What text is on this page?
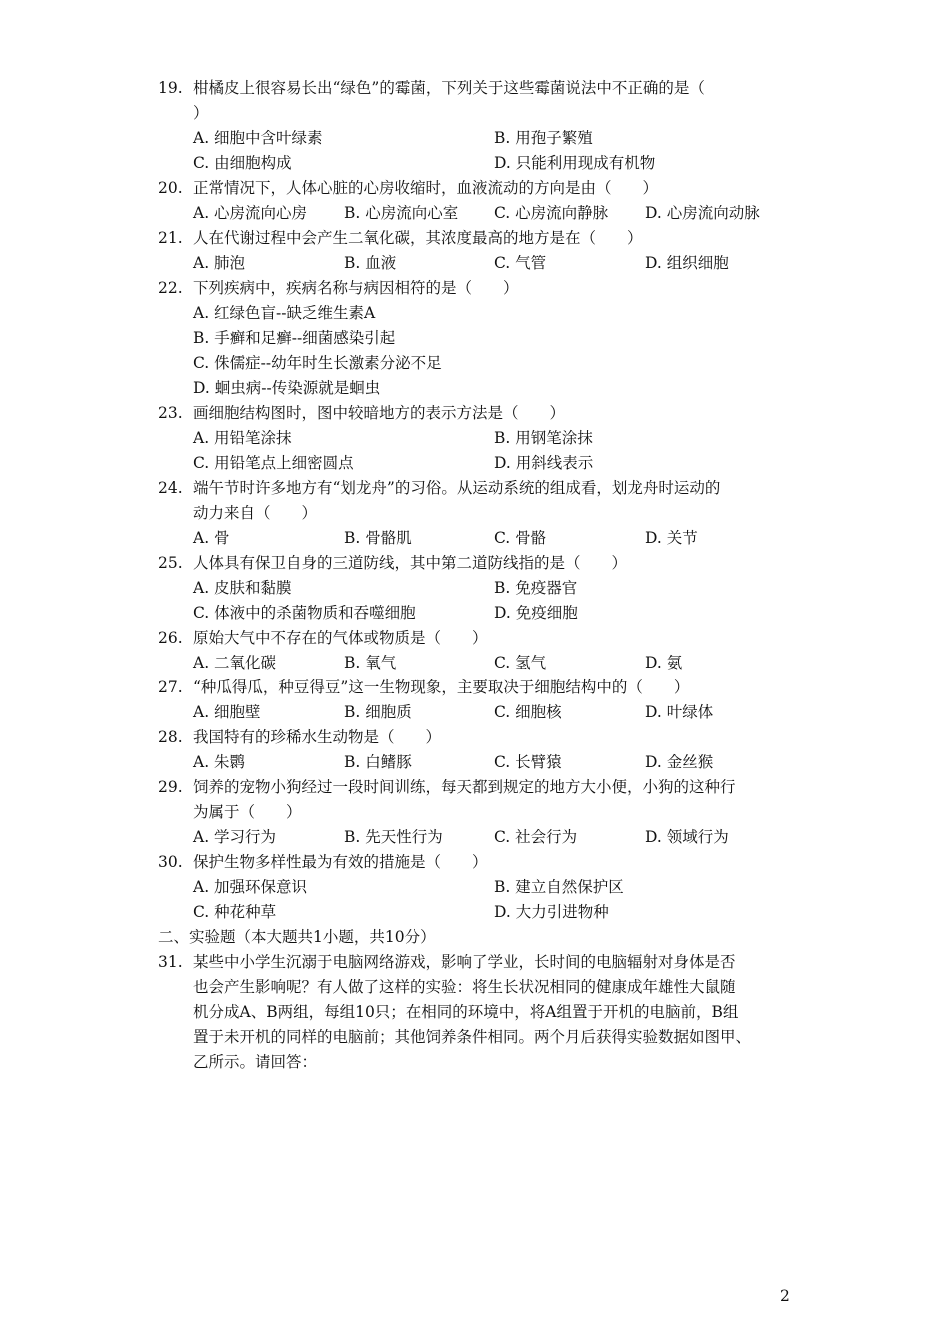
19. 柑橘皮上很容易长出“绿色”的霉菌，下列关于这些霉菌说法中不正确的是（
）
A. 细胞中含叶绿素	B. 用孢子繁殖
C. 由细胞构成	D. 只能利用现成有机物
20. 正常情况下，人体心脏的心房收缩时，血液流动的方向是由（　　）
A. 心房流向心房 B. 心房流向心室 C. 心房流向静脉 D. 心房流向动脉
21. 人在代谢过程中会产生二氧化碳，其浓度最高的地方是在（　　）
A. 肺泡	B. 血液	C. 气管	D. 组织细胞
22. 下列疾病中，疾病名称与病因相符的是（　　）
A. 红绿色盲--缺乏维生素A
B. 手癣和足癣--细菌感染引起
C. 侏儒症--幼年时生长激素分泌不足
D. 蛔虫病--传染源就是蛔虫
23. 画细胞结构图时，图中较暗地方的表示方法是（　　）
A. 用铅笔涂抹	B. 用钢笔涂抹
C. 用铅笔点上细密圆点	D. 用斜线表示
24. 端午节时许多地方有“划龙舟”的习俗。从运动系统的组成看，划龙舟时运动的
动力来自（　　）
A. 骨	B. 骨骼肌	C. 骨骼	D. 关节
25. 人体具有保卫自身的三道防线，其中第二道防线指的是（　　）
A. 皮肤和黏膜	B. 免疫器官
C. 体液中的杀菌物质和吞噬细胞	D. 免疫细胞
26. 原始大气中不存在的气体或物质是（　　）
A. 二氧化碳	B. 氧气	C. 氢气	D. 氨
27. “种瓜得瓜，种豆得豆”这一生物现象，主要取决于细胞结构中的（　　）
A. 细胞壁	B. 细胞质	C. 细胞核	D. 叶绿体
28. 我国特有的珍稀水生动物是（　　）
A. 朱鹮	B. 白鳍豚	C. 长臂猿	D. 金丝猴
29. 饲养的宠物小狗经过一段时间训练，每天都到规定的地方大小便，小狗的这种行
为属于（　　）
A. 学习行为	B. 先天性行为	C. 社会行为	D. 领域行为
30. 保护生物多样性最为有效的措施是（　　）
A. 加强环保意识	B. 建立自然保护区
C. 种花种草	D. 大力引进物种
二、实验题（本大题共1小题，共10分）
31. 某些中小学生沉溺于电脑网络游戏，影响了学业，长时间的电脑辐射对身体是否
也会产生影响呢？有人做了这样的实验：将生长状况相同的健康成年雄性大鼠随
机分成A、B两组，每组10只；在相同的环境中，将A组置于开机的电脑前，B组
置于未开机的同样的电脑前；其他饲养条件相同。两个月后获得实验数据如图甲、
乙所示。请回答：
2
